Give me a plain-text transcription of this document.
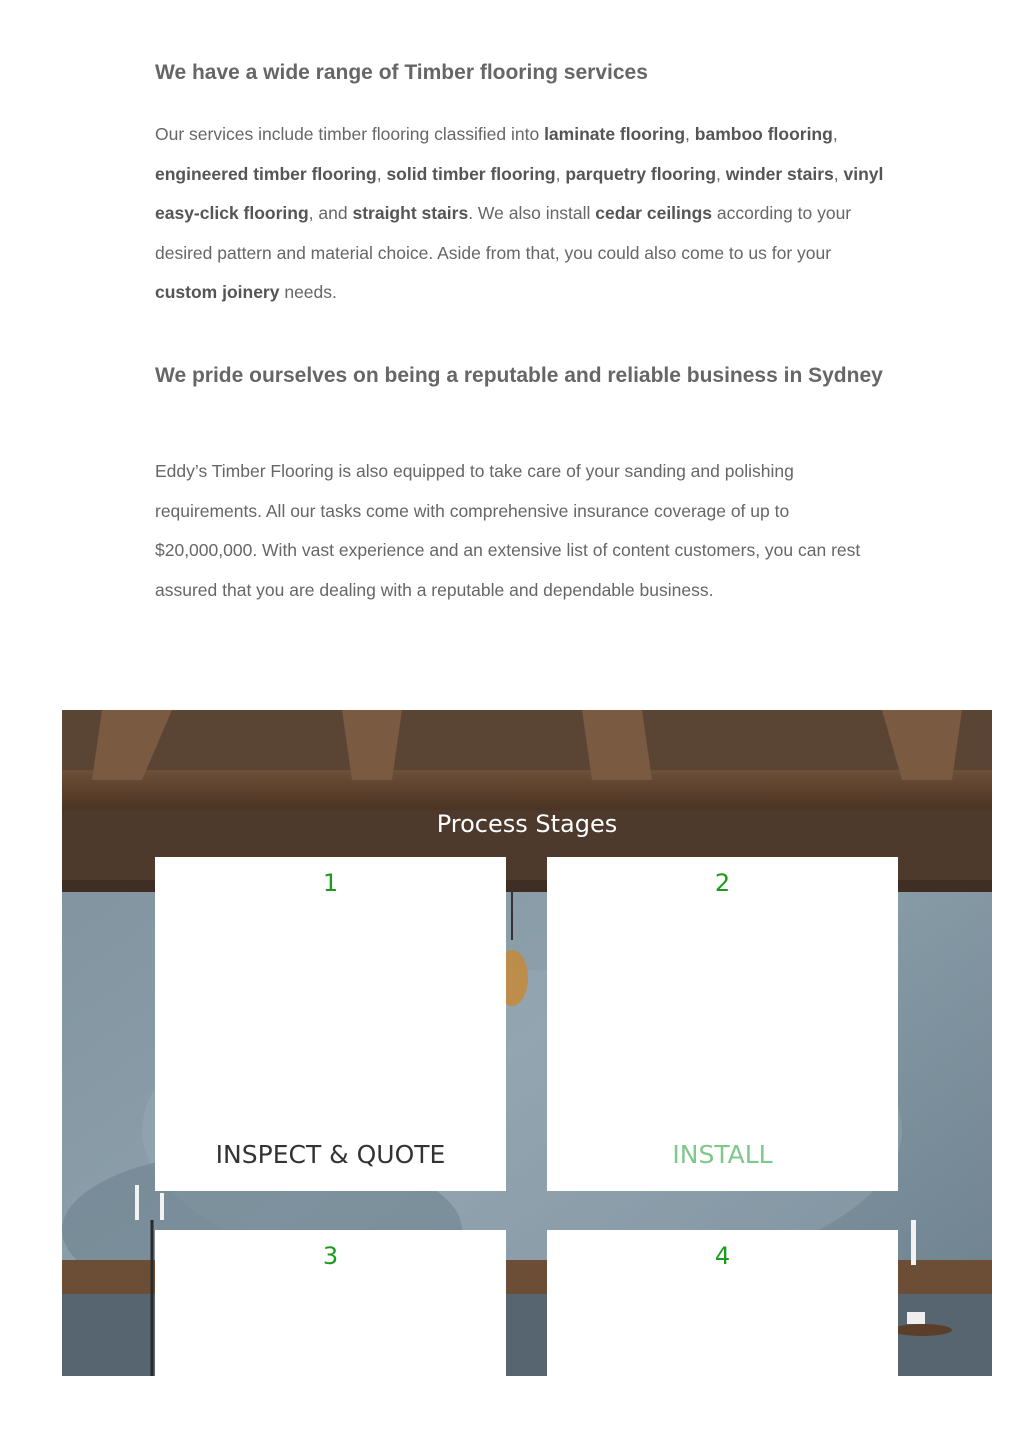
We have a wide range of Timber flooring services
Our services include timber flooring classified into laminate flooring, bamboo flooring, engineered timber flooring, solid timber flooring, parquetry flooring, winder stairs, vinyl easy-click flooring, and straight stairs. We also install cedar ceilings according to your desired pattern and material choice. Aside from that, you could also come to us for your custom joinery needs.
We pride ourselves on being a reputable and reliable business in Sydney
Eddy’s Timber Flooring is also equipped to take care of your sanding and polishing requirements. All our tasks come with comprehensive insurance coverage of up to $20,000,000. With vast experience and an extensive list of content customers, you can rest assured that you are dealing with a reputable and dependable business.
Process Stages
1
INSPECT & QUOTE
2
INSTALL
3	4
